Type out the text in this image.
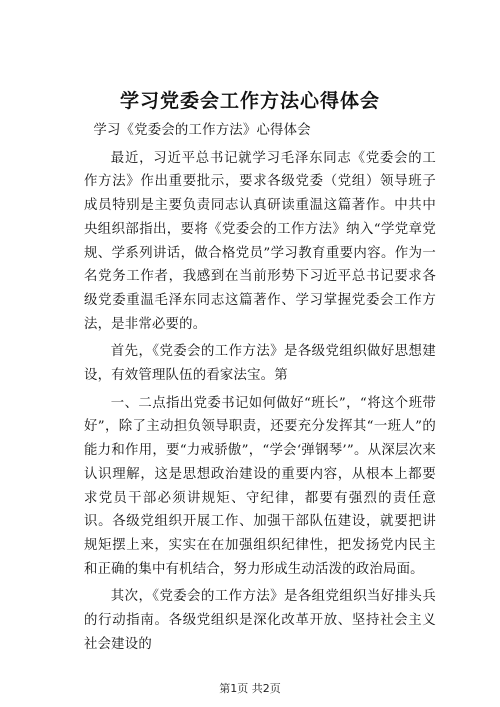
学习党委会工作方法心得体会

学习《党委会的工作方法》心得体会

最近，习近平总书记就学习毛泽东同志《党委会的工作方法》作出重要批示，要求各级党委（党组）领导班子成员特别是主要负责同志认真研读重温这篇著作。中共中央组织部指出，要将《党委会的工作方法》纳入“学党章党规、学系列讲话，做合格党员”学习教育重要内容。作为一名党务工作者，我感到在当前形势下习近平总书记要求各级党委重温毛泽东同志这篇著作、学习掌握党委会工作方法，是非常必要的。

首先，《党委会的工作方法》是各级党组织做好思想建设，有效管理队伍的看家法宝。第

一、二点指出党委书记如何做好“班长”，“将这个班带好”，除了主动担负领导职责，还要充分发挥其“一班人”的能力和作用，要“力戒骄傲”，“学会‘弹钢琴’”。从深层次来认识理解，这是思想政治建设的重要内容，从根本上都要求党员干部必须讲规矩、守纪律，都要有强烈的责任意识。各级党组织开展工作、加强干部队伍建设，就要把讲规矩摆上来，实实在在加强组织纪律性，把发扬党内民主和正确的集中有机结合，努力形成生动活泼的政治局面。

其次，《党委会的工作方法》是各组党组织当好排头兵的行动指南。各级党组织是深化改革开放、坚持社会主义社会建设的

第1页 共2页
